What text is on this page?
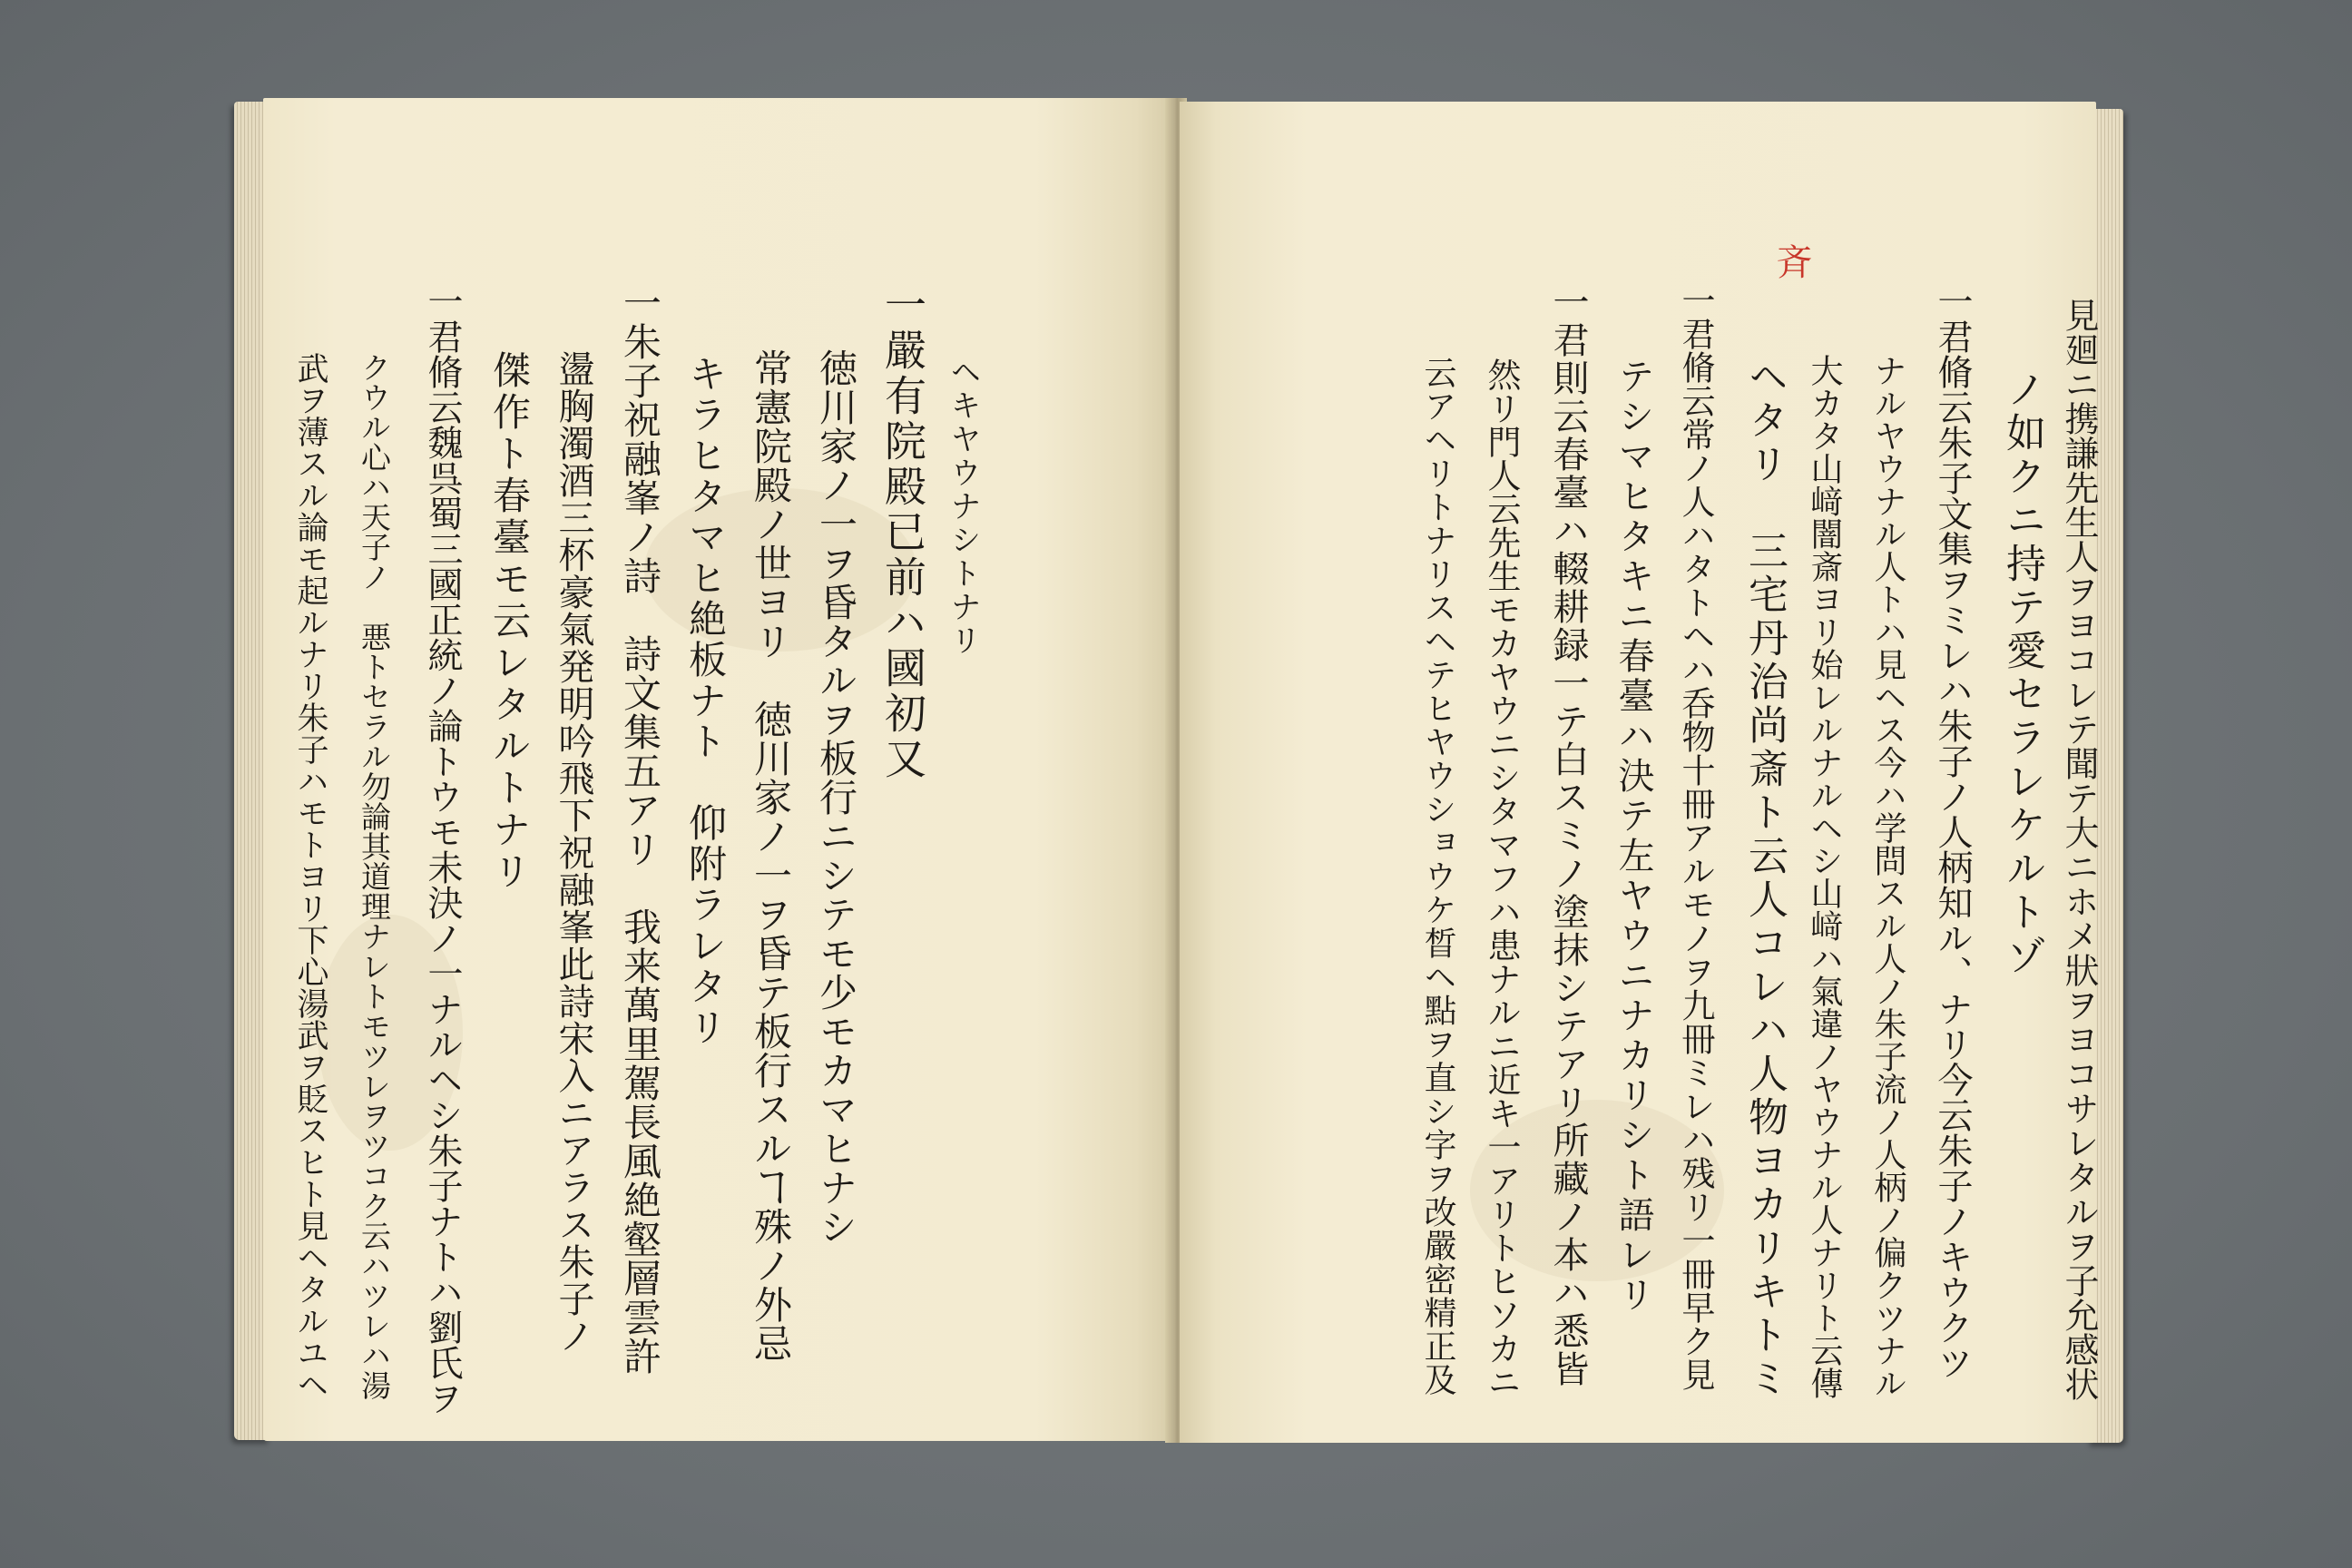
斉
見廻ニ携謙先生人ヲヨコレテ聞テ大ニホメ狀ヲヨコサレタルヲ子允感状
ノ如クニ持テ愛セラレケルトゾ
一君脩云朱子文集ヲミレハ朱子ノ人柄知ル、ナリ今云朱子ノキウクツ
ナルヤウナル人トハ見ヘス今ハ学問スル人ノ朱子流ノ人柄ノ偏クツナル
大カタ山﨑闇斎ヨリ始レルナルヘシ山﨑ハ氣違ノヤウナル人ナリト云傳
ヘタリ　三宅丹治尚斎ト云人コレハ人物ヨカリキトミ
一君脩云常ノ人ハタトヘハ呑物十冊アルモノヲ九冊ミレハ残リ一冊早ク見
テシマヒタキニ春臺ハ決テ左ヤウニナカリシト語レリ
一君則云春臺ハ輟耕録一テ白スミノ塗抹シテアリ所藏ノ本ハ悉皆
然リ門人云先生モカヤウニシタマフハ患ナルニ近キ一アリトヒソカニ
云アヘリトナリスヘテヒヤウショウケ晳ヘ點ヲ直シ字ヲ改嚴密精正及
ヘキヤウナシトナリ
一嚴有院殿已前ハ國初又
徳川家ノ一ヲ昏タルヲ板行ニシテモ少モカマヒナシ
常憲院殿ノ世ヨリ　徳川家ノ一ヲ昏テ板行スルヿ殊ノ外忌
キラヒタマヒ絶板ナト　仰附ラレタリ
一朱子祝融峯ノ詩　詩文集五アリ　我来萬里駕長風絶壑層雲許
盪胸濁酒三杯豪氣発明吟飛下祝融峯此詩宋入ニアラス朱子ノ
傑作ト春臺モ云レタルトナリ
一君脩云魏呉蜀三國正統ノ論トウモ未決ノ一ナルヘシ朱子ナトハ劉氏ヲ
クウル心ハ天子ノ　悪トセラル勿論其道理ナレトモツレヲツコク云ハツレハ湯
武ヲ薄スル論モ起ルナリ朱子ハモトヨリ下心湯武ヲ貶スヒト見ヘタルユヘ
